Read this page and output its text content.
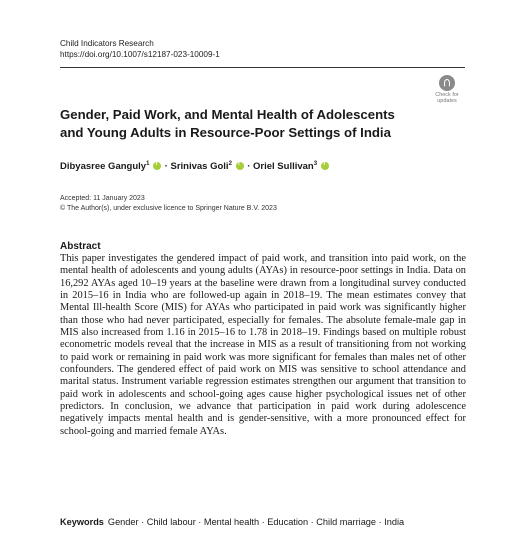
Child Indicators Research
https://doi.org/10.1007/s12187-023-10009-1
Check for
updates
Gender, Paid Work, and Mental Health of Adolescents and Young Adults in Resource-Poor Settings of India
Dibyasree Ganguly$^1$ i · Srinivas Goli$^2$ i · Oriel Sullivan$^3$ i
Accepted: 11 January 2023
© The Author(s), under exclusive licence to Springer Nature B.V. 2023
Abstract
This paper investigates the gendered impact of paid work, and transition into paid work, on the mental health of adolescents and young adults (AYAs) in resource-poor settings in India. Data on 16,292 AYAs aged 10–19 years at the baseline were drawn from a longitudinal survey conducted in 2015–16 in India who are followed-up again in 2018–19. The mean estimates convey that Mental Ill-health Score (MIS) for AYAs who participated in paid work was significantly higher than those who had never participated, especially for females. The absolute female-male gap in MIS also increased from 1.16 in 2015–16 to 1.78 in 2018–19. Findings based on multiple robust econometric models reveal that the increase in MIS as a result of transitioning from not working to paid work or remaining in paid work was more significant for females than males net of other confounders. The gendered effect of paid work on MIS was sensitive to school attendance and marital status. Instrument variable regression estimates strengthen our argument that transition to paid work in adolescents and school-going ages cause higher psychological issues net of other predictors. In conclusion, we advance that participation in paid work during adolescence negatively impacts mental health and is gender-sensitive, with a more pronounced effect for school-going and married female AYAs.
Keywords Gender · Child labour · Mental health · Education · Child marriage · India
